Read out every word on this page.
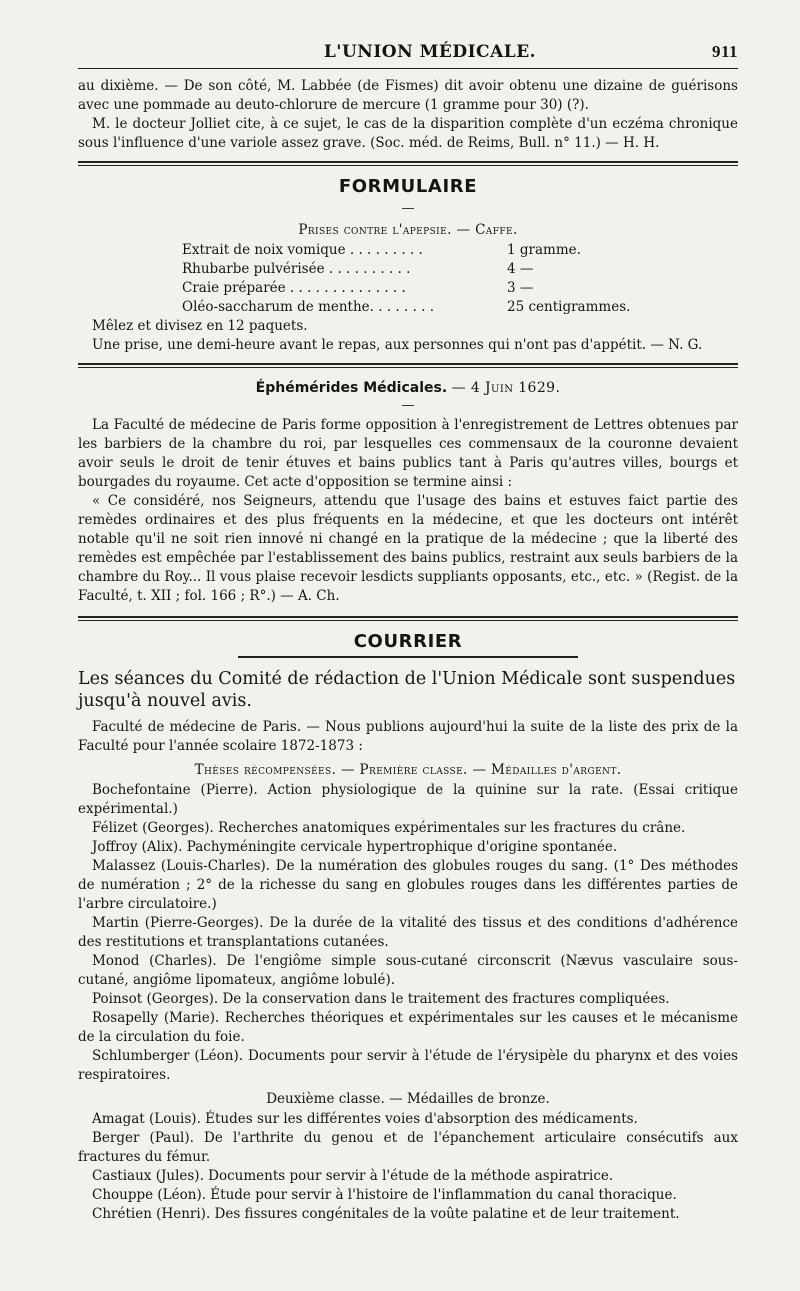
L'UNION MÉDICALE.	911

au dixième. — De son côté, M. Labbée (de Fismes) dit avoir obtenu une dizaine de guérisons avec une pommade au deuto-chlorure de mercure (1 gramme pour 30) (?).

M. le docteur Jolliet cite, à ce sujet, le cas de la disparition complète d'un eczéma chronique sous l'influence d'une variole assez grave. (Soc. méd. de Reims, Bull. n° 11.) — H. H.

FORMULAIRE
—
Prises contre l'apepsie. — Caffe.
Extrait de noix vomique . . . . . . . . .	1 gramme.
Rhubarbe pulvérisée . . . . . . . . . .	4 —
Craie préparée . . . . . . . . . . . . . .	3 —
Oléo-saccharum de menthe. . . . . . . .	25 centigrammes.

Mêlez et divisez en 12 paquets.

Une prise, une demi-heure avant le repas, aux personnes qui n'ont pas d'appétit. — N. G.

Éphémérides Médicales. — 4 Juin 1629.
—

La Faculté de médecine de Paris forme opposition à l'enregistrement de Lettres obtenues par les barbiers de la chambre du roi, par lesquelles ces commensaux de la couronne devaient avoir seuls le droit de tenir étuves et bains publics tant à Paris qu'autres villes, bourgs et bourgades du royaume. Cet acte d'opposition se termine ainsi :

« Ce considéré, nos Seigneurs, attendu que l'usage des bains et estuves faict partie des remèdes ordinaires et des plus fréquents en la médecine, et que les docteurs ont intérêt notable qu'il ne soit rien innové ni changé en la pratique de la médecine ; que la liberté des remèdes est empêchée par l'establissement des bains publics, restraint aux seuls barbiers de la chambre du Roy... Il vous plaise recevoir lesdicts suppliants opposants, etc., etc. » (Regist. de la Faculté, t. XII ; fol. 166 ; R°.) — A. Ch.

COURRIER

Les séances du Comité de rédaction de l'Union Médicale sont suspendues jusqu'à nouvel avis.

Faculté de médecine de Paris. — Nous publions aujourd'hui la suite de la liste des prix de la Faculté pour l'année scolaire 1872-1873 :

Thèses récompensées. — Première classe. — Médailles d'argent.

Bochefontaine (Pierre). Action physiologique de la quinine sur la rate. (Essai critique expérimental.)

Félizet (Georges). Recherches anatomiques expérimentales sur les fractures du crâne.

Joffroy (Alix). Pachyméningite cervicale hypertrophique d'origine spontanée.

Malassez (Louis-Charles). De la numération des globules rouges du sang. (1° Des méthodes de numération ; 2° de la richesse du sang en globules rouges dans les différentes parties de l'arbre circulatoire.)

Martin (Pierre-Georges). De la durée de la vitalité des tissus et des conditions d'adhérence des restitutions et transplantations cutanées.

Monod (Charles). De l'engiôme simple sous-cutané circonscrit (Nævus vasculaire sous-cutané, angiôme lipomateux, angiôme lobulé).

Poinsot (Georges). De la conservation dans le traitement des fractures compliquées.

Rosapelly (Marie). Recherches théoriques et expérimentales sur les causes et le mécanisme de la circulation du foie.

Schlumberger (Léon). Documents pour servir à l'étude de l'érysipèle du pharynx et des voies respiratoires.

Deuxième classe. — Médailles de bronze.

Amagat (Louis). Études sur les différentes voies d'absorption des médicaments.

Berger (Paul). De l'arthrite du genou et de l'épanchement articulaire consécutifs aux fractures du fémur.

Castiaux (Jules). Documents pour servir à l'étude de la méthode aspiratrice.

Chouppe (Léon). Étude pour servir à l'histoire de l'inflammation du canal thoracique.

Chrétien (Henri). Des fissures congénitales de la voûte palatine et de leur traitement.
